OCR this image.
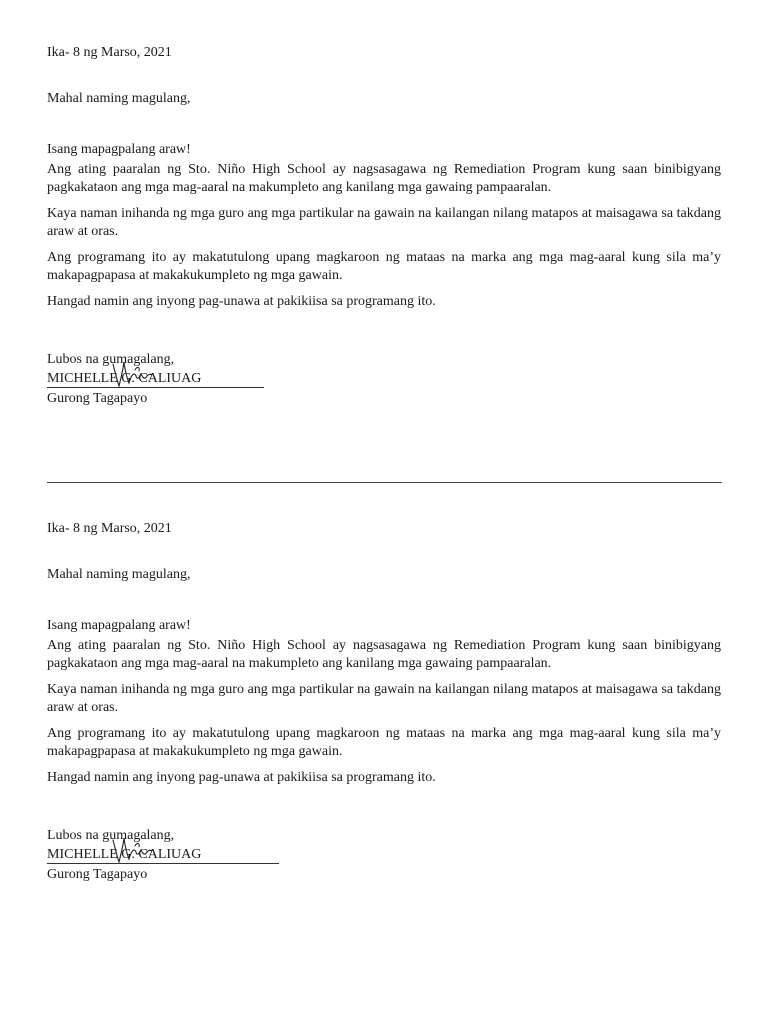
Ika- 8 ng Marso, 2021
Mahal naming magulang,
Isang mapagpalang araw!
Ang ating paaralan ng Sto. Niño High School ay nagsasagawa ng Remediation Program kung saan binibigyang pagkakataon ang mga mag-aaral na makumpleto ang kanilang mga gawaing pampaaralan.
Kaya naman inihanda ng mga guro ang mga partikular na gawain na kailangan nilang matapos at maisagawa sa takdang araw at oras.
Ang programang ito ay makatutulong upang magkaroon ng mataas na marka ang mga mag-aaral kung sila ma’y makapagpapasa at makakukumpleto ng mga gawain.
Hangad namin ang inyong pag-unawa at pakikiisa sa programang ito.
Lubos na gumagalang,
MICHELLE G. CALIUAG
Gurong Tagapayo
Ika- 8 ng Marso, 2021
Mahal naming magulang,
Isang mapagpalang araw!
Ang ating paaralan ng Sto. Niño High School ay nagsasagawa ng Remediation Program kung saan binibigyang pagkakataon ang mga mag-aaral na makumpleto ang kanilang mga gawaing pampaaralan.
Kaya naman inihanda ng mga guro ang mga partikular na gawain na kailangan nilang matapos at maisagawa sa takdang araw at oras.
Ang programang ito ay makatutulong upang magkaroon ng mataas na marka ang mga mag-aaral kung sila ma’y makapagpapasa at makakukumpleto ng mga gawain.
Hangad namin ang inyong pag-unawa at pakikiisa sa programang ito.
Lubos na gumagalang,
MICHELLE G. CALIUAG
Gurong Tagapayo
